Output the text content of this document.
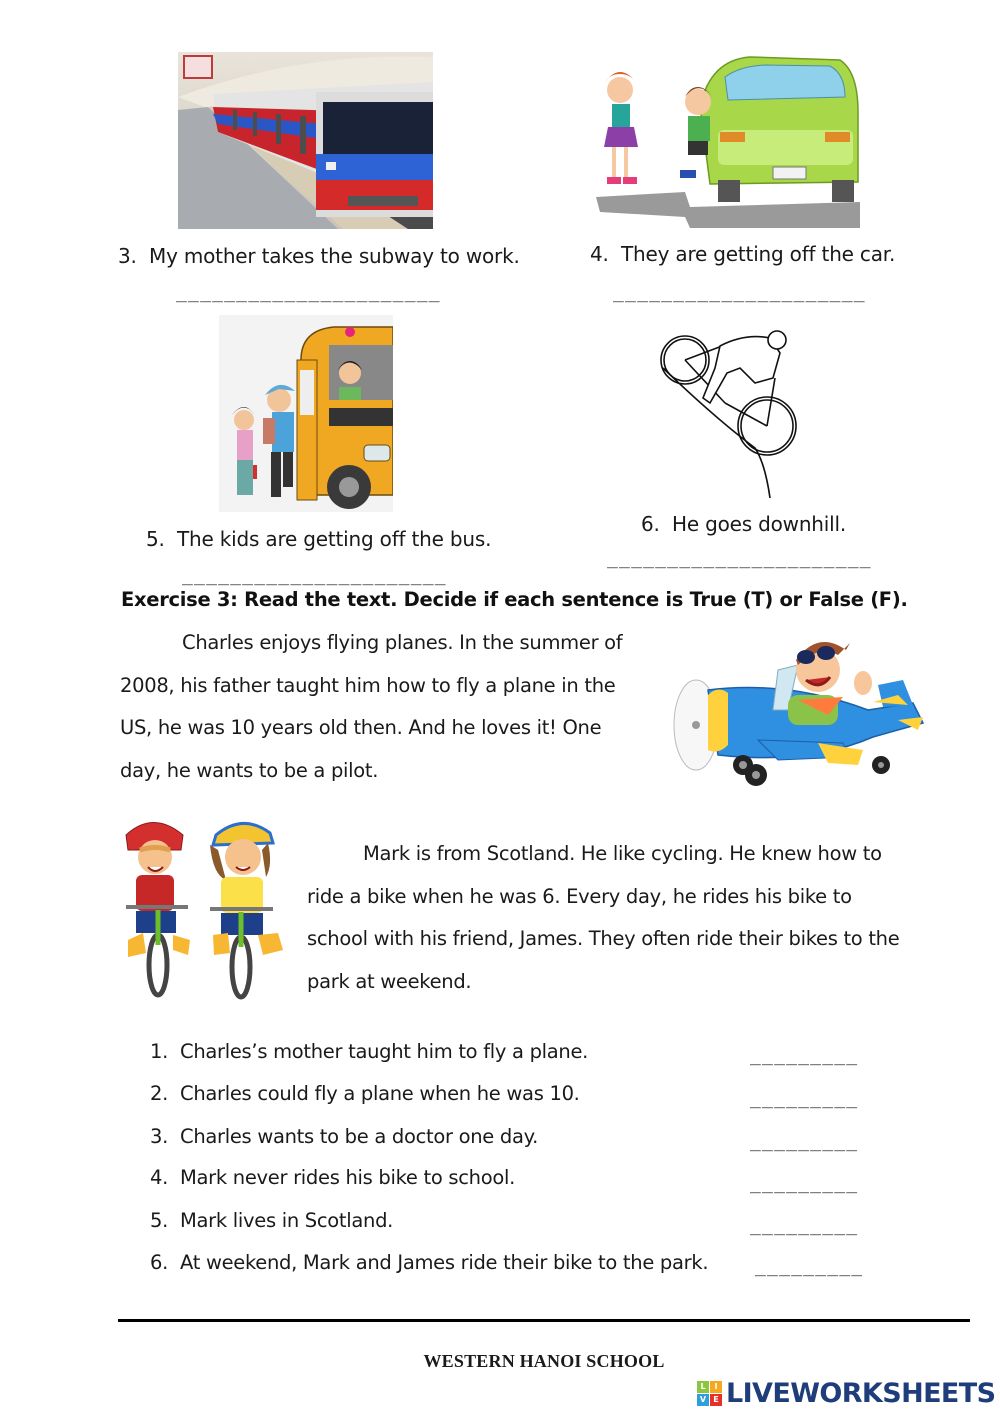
3. My mother takes the subway to work.
______________________
4. They are getting off the car.
_____________________
5. The kids are getting off the bus.
______________________
6. He goes downhill.
______________________
Exercise 3: Read the text. Decide if each sentence is True (T) or False (F).
Charles enjoys flying planes. In the summer of
2008, his father taught him how to fly a plane in the
US, he was 10 years old then. And he loves it! One
day, he wants to be a pilot.
Mark is from Scotland. He like cycling. He knew how to
ride a bike when he was 6. Every day, he rides his bike to
school with his friend, James. They often ride their bikes to the
park at weekend.
1. Charles’s mother taught him to fly a plane.	_________
2. Charles could fly a plane when he was 10.	_________
3. Charles wants to be a doctor one day.	_________
4. Mark never rides his bike to school.	_________
5. Mark lives in Scotland.	_________
6. At weekend, Mark and James ride their bike to the park.	_________
WESTERN HANOI SCHOOL
L	I
V E LIVEWORKSHEETS
